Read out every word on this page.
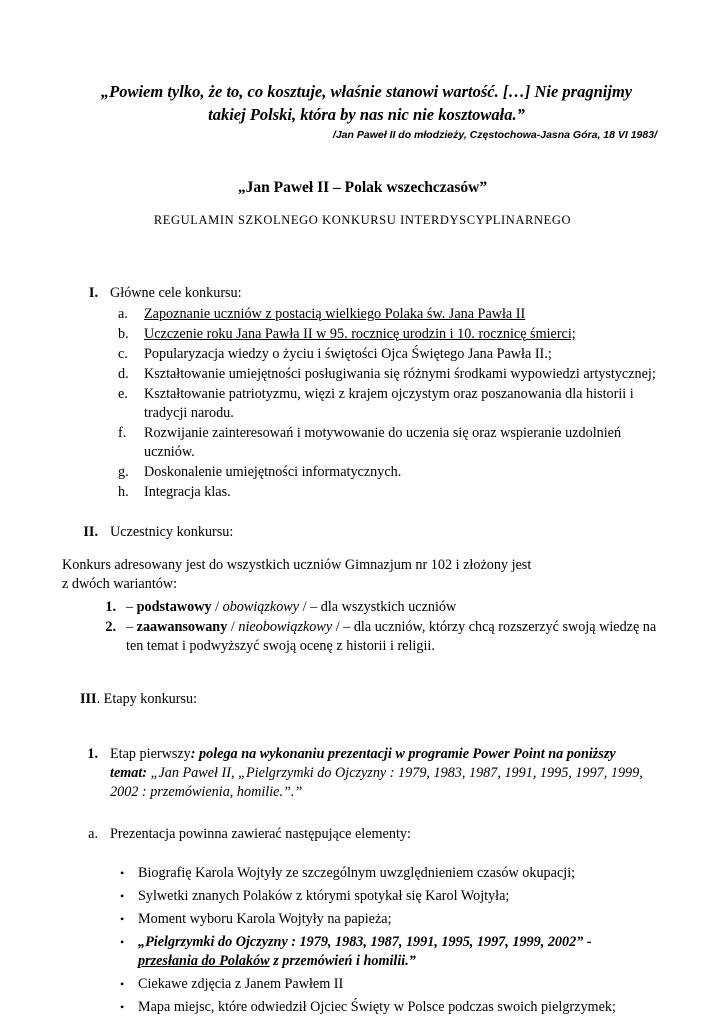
„Powiem tylko, że to, co kosztuje, właśnie stanowi wartość. […] Nie pragnijmy takiej Polski, która by nas nic nie kosztowała.”
/Jan Paweł II do młodzieży, Częstochowa-Jasna Góra, 18 VI 1983/
„Jan Paweł II – Polak wszechczasów”
REGULAMIN SZKOLNEGO KONKURSU INTERDYSCYPLINARNEGO
I. Główne cele konkursu:
a.	Zapoznanie uczniów z postacią wielkiego Polaka św. Jana Pawła II
b.	Uczczenie roku Jana Pawła II w 95. rocznicę urodzin i 10. rocznicę śmierci;
c.	Popularyzacja wiedzy o życiu i świętości Ojca Świętego Jana Pawła II.;
d.	Kształtowanie umiejętności posługiwania się różnymi środkami wypowiedzi artystycznej;
e.	Kształtowanie patriotyzmu, więzi z krajem ojczystym oraz poszanowania dla historii i tradycji narodu.
f.	Rozwijanie zainteresowań i motywowanie do uczenia się oraz wspieranie uzdolnień uczniów.
g.	Doskonalenie umiejętności informatycznych.
h.	Integracja klas.
II. Uczestnicy konkursu:

Konkurs adresowany jest do wszystkich uczniów Gimnazjum nr 102 i złożony jest

z dwóch wariantów:

1. – podstawowy / obowiązkowy / – dla wszystkich uczniów
2. – zaawansowany / nieobowiązkowy / – dla uczniów, którzy chcą rozszerzyć swoją wiedzę na ten temat i podwyższyć swoją ocenę z historii i religii.
III. Etapy konkursu:
1. Etap pierwszy: polega na wykonaniu prezentacji w programie Power Point na poniższy temat: „Jan Paweł II, „Pielgrzymki do Ojczyzny : 1979, 1983, 1987, 1991, 1995, 1997, 1999, 2002 : przemówienia, homilie.”.”
a. Prezentacja powinna zawierać następujące elementy:
• Biografię Karola Wojtyły ze szczególnym uwzględnieniem czasów okupacji;
• Sylwetki znanych Polaków z którymi spotykał się Karol Wojtyła;
• Moment wyboru Karola Wojtyły na papieża;
• „Pielgrzymki do Ojczyzny : 1979, 1983, 1987, 1991, 1995, 1997, 1999, 2002” - przesłania do Polaków z przemówień i homilii.”
• Ciekawe zdjęcia z Janem Pawłem II
• Mapa miejsc, które odwiedził Ojciec Święty w Polsce podczas swoich pielgrzymek;
